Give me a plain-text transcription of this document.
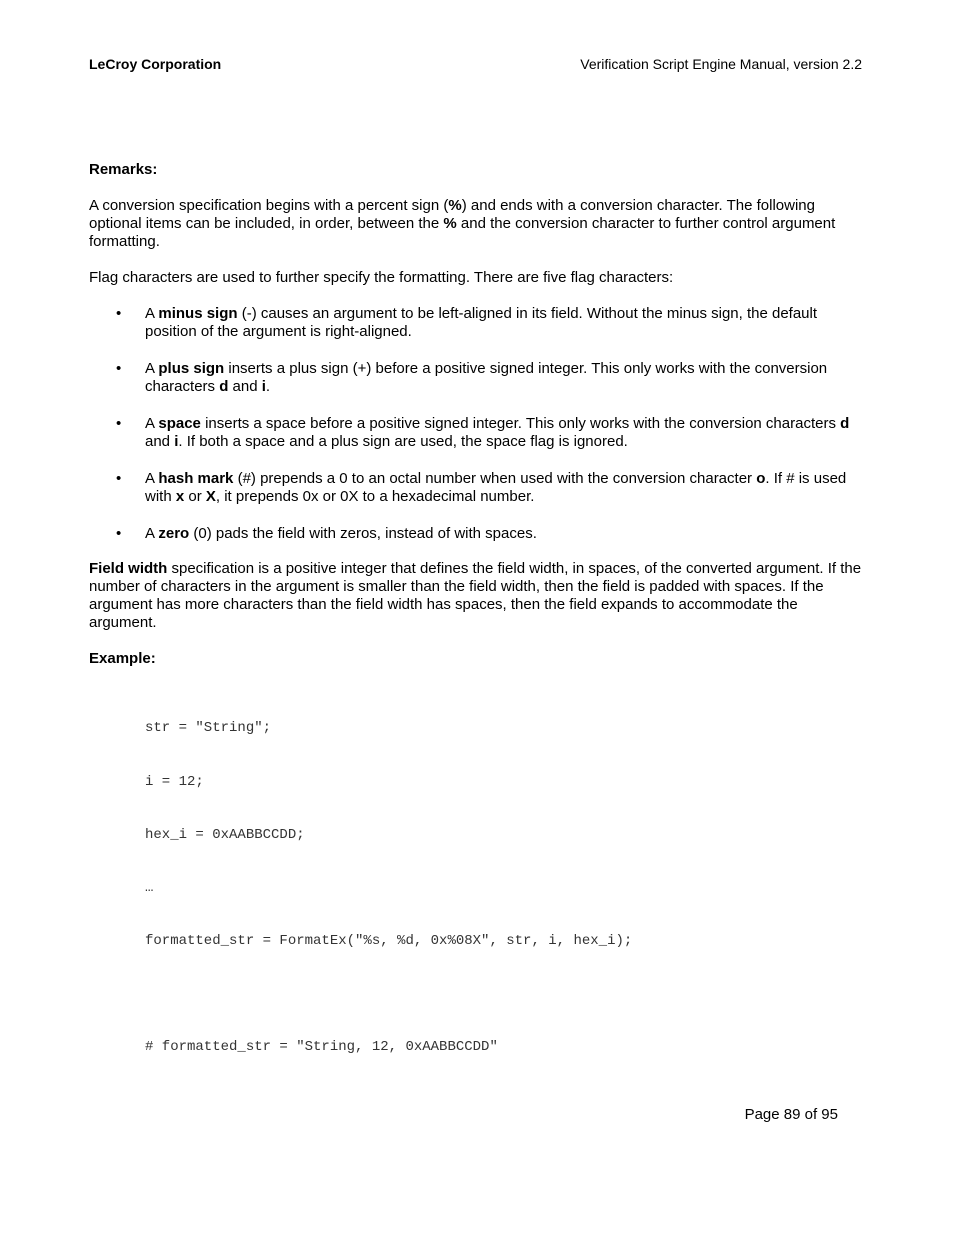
LeCroy Corporation	Verification Script Engine Manual, version 2.2

Remarks:

A conversion specification begins with a percent sign (%) and ends with a conversion character. The following optional items can be included, in order, between the % and the conversion character to further control argument formatting.

Flag characters are used to further specify the formatting. There are five flag characters:

• A minus sign (-) causes an argument to be left-aligned in its field. Without the minus sign, the default position of the argument is right-aligned.
• A plus sign inserts a plus sign (+) before a positive signed integer. This only works with the conversion characters d and i.
• A space inserts a space before a positive signed integer. This only works with the conversion characters d and i. If both a space and a plus sign are used, the space flag is ignored.
• A hash mark (#) prepends a 0 to an octal number when used with the conversion character o. If # is used with x or X, it prepends 0x or 0X to a hexadecimal number.
• A zero (0) pads the field with zeros, instead of with spaces.

Field width specification is a positive integer that defines the field width, in spaces, of the converted argument. If the number of characters in the argument is smaller than the field width, then the field is padded with spaces. If the argument has more characters than the field width has spaces, then the field expands to accommodate the argument.

Example:

str = "String";

i = 12;

hex_i = 0xAABBCCDD;

…

formatted_str = FormatEx("%s, %d, 0x%08X", str, i, hex_i);

# formatted_str = "String, 12, 0xAABBCCDD"

Page 89 of 95
